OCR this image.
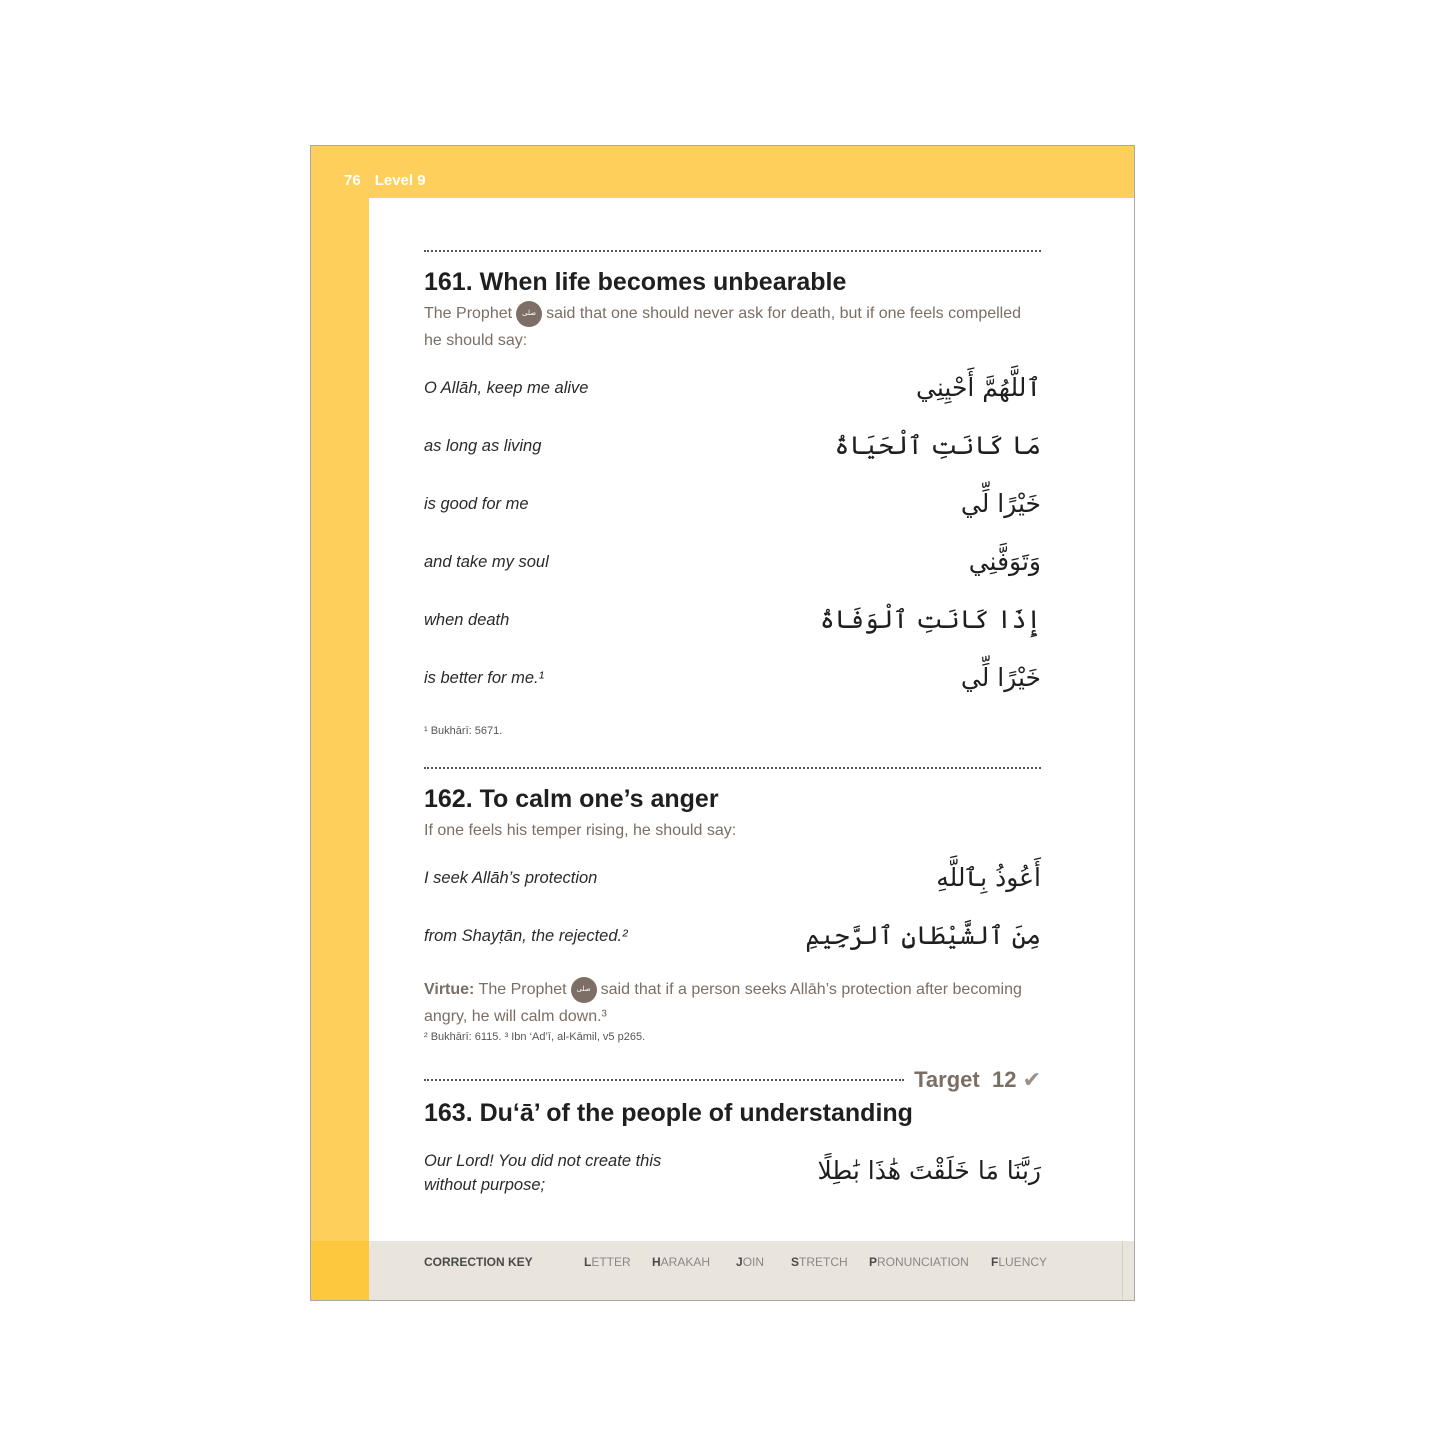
76 Level 9
161. When life becomes unbearable
The Prophet صلىsaid that one should never ask for death, but if one feels compelled he should say:
O Allāh, keep me alive	ٱللَّهُمَّ أَحْيِنِي
as long as living	مَا كَانَتِ ٱلْحَيَاةُ
is good for me	خَيْرًا لِّي
and take my soul	وَتَوَفَّنِي
when death	إِذَا كَانَتِ ٱلْوَفَاةُ
is better for me.¹	خَيْرًا لِّي
¹ Bukhārī: 5671.
162. To calm one’s anger
If one feels his temper rising, he should say:
I seek Allāh’s protection	أَعُوذُ بِٱللَّهِ
from Shayṭān, the rejected.²	مِنَ ٱلشَّيْطَانِ ٱلرَّجِيمِ
Virtue: The Prophet صلىsaid that if a person seeks Allāh’s protection after becoming angry, he will calm down.³
² Bukhārī: 6115. ³ Ibn ‘Ad’ī, al-Kāmil, v5 p265.
Target 12 ✔
163. Du‘ā’ of the people of understanding
Our Lord! You did not create this without purpose;	رَبَّنَا مَا خَلَقْتَ هَٰذَا بَٰطِلًا
CORRECTION KEY	LETTER HARAKAH JOIN STRETCH PRONUNCIATION FLUENCY
